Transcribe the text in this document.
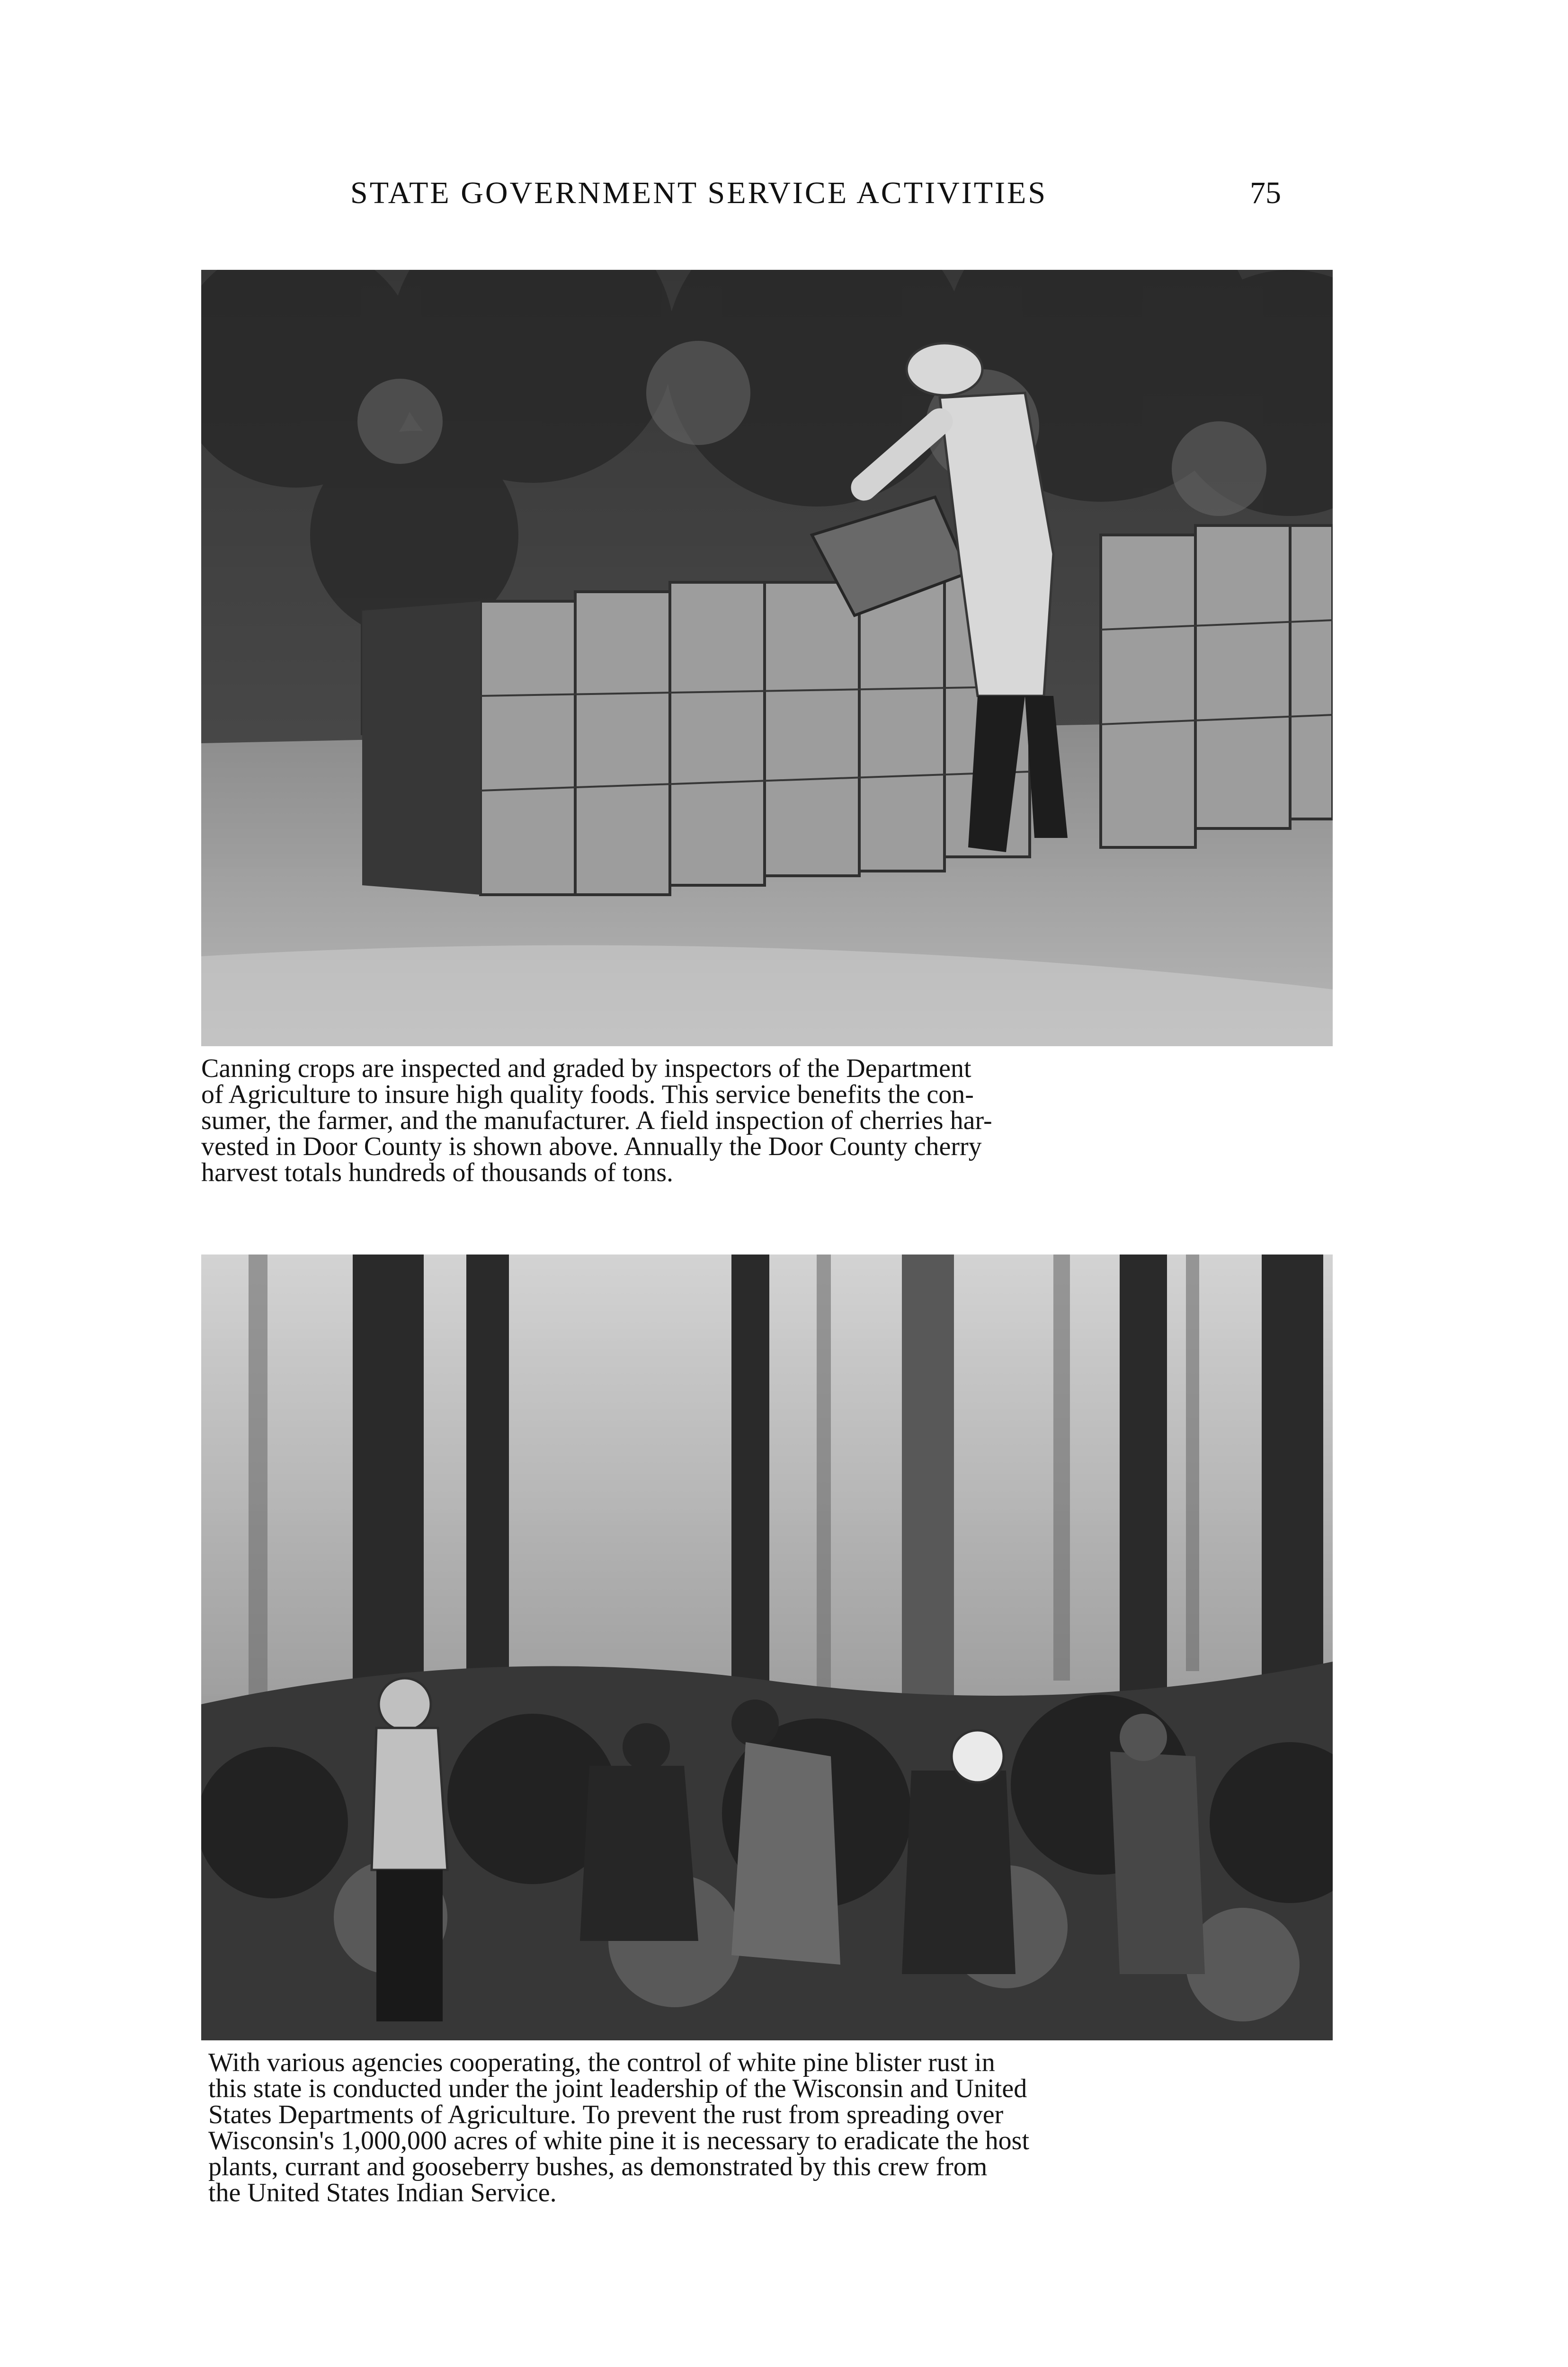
STATE GOVERNMENT SERVICE ACTIVITIES	75
Canning crops are inspected and graded by inspectors of the Department
of Agriculture to insure high quality foods. This service benefits the con-
sumer, the farmer, and the manufacturer. A field inspection of cherries har-
vested in Door County is shown above. Annually the Door County cherry
harvest totals hundreds of thousands of tons.
With various agencies cooperating, the control of white pine blister rust in
this state is conducted under the joint leadership of the Wisconsin and United
States Departments of Agriculture. To prevent the rust from spreading over
Wisconsin's 1,000,000 acres of white pine it is necessary to eradicate the host
plants, currant and gooseberry bushes, as demonstrated by this crew from
the United States Indian Service.
